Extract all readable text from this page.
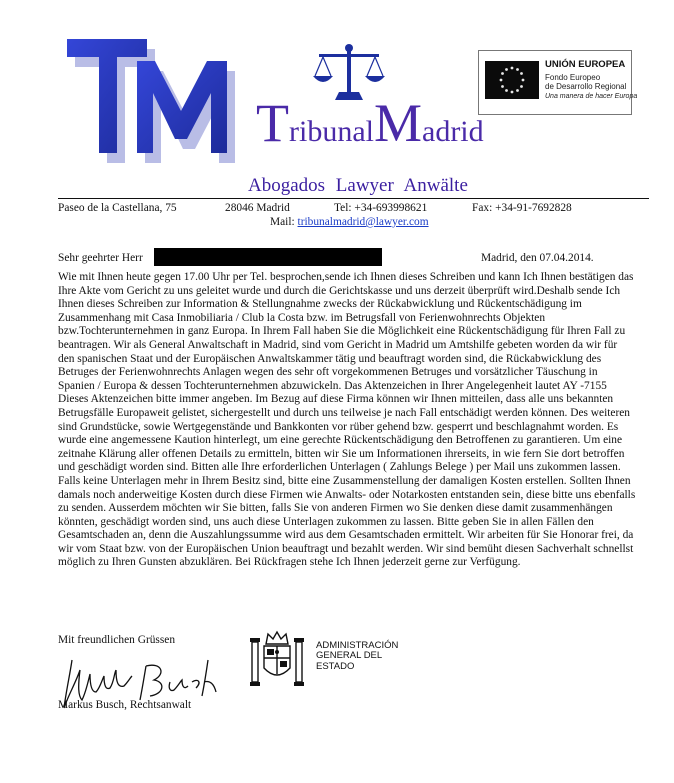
TribunalMadrid
Abogados Lawyer Anwälte
UNIÓN EUROPEA
Fondo Europeo
de Desarrollo Regional
Una manera de hacer Europa
Paseo de la Castellana, 75	28046 Madrid	Tel: +34-693998621	Fax: +34-91-7692828
Mail: tribunalmadrid@lawyer.com
Sehr geehrter Herr	Madrid, den 07.04.2014.
Wie mit Ihnen heute gegen 17.00 Uhr per Tel. besprochen,sende ich Ihnen dieses Schreiben und kann Ich Ihnen bestätigen das Ihre Akte vom Gericht zu uns geleitet wurde und durch die Gerichtskasse und uns derzeit überprüft wird.Deshalb sende Ich Ihnen dieses Schreiben zur Information & Stellungnahme zwecks der Rückabwicklung und Rückentschädigung im Zusammenhang mit Casa Inmobiliaria / Club la Costa bzw. im Betrugsfall von Ferienwohnrechts Objekten bzw.Tochterunternehmen in ganz Europa. In Ihrem Fall haben Sie die Möglichkeit eine Rückentschädigung für Ihren Fall zu beantragen. Wir als General Anwaltschaft in Madrid, sind vom Gericht in Madrid um Amtshilfe gebeten worden da wir für den spanischen Staat und der Europäischen Anwaltskammer tätig und beauftragt worden sind, die Rückabwicklung des Betruges der Ferienwohnrechts Anlagen wegen des sehr oft vorgekommenen Betruges und vorsätzlicher Täuschung in Spanien / Europa & dessen Tochterunternehmen abzuwickeln. Das Aktenzeichen in Ihrer Angelegenheit lautet AY -7155 Dieses Aktenzeichen bitte immer angeben. Im Bezug auf diese Firma können wir Ihnen mitteilen, dass alle uns bekannten Betrugsfälle Europaweit gelistet, sichergestellt und durch uns teilweise je nach Fall entschädigt werden können. Des weiteren sind Grundstücke, sowie Wertgegenstände und Bankkonten vor rüber gehend bzw. gesperrt und beschlagnahmt worden. Es wurde eine angemessene Kaution hinterlegt, um eine gerechte Rückentschädigung den Betroffenen zu garantieren. Um eine zeitnahe Klärung aller offenen Details zu ermitteln, bitten wir Sie um Informationen ihrerseits, in wie fern Sie dort betroffen und geschädigt worden sind. Bitten alle Ihre erforderlichen Unterlagen ( Zahlungs Belege ) per Mail uns zukommen lassen. Falls keine Unterlagen mehr in Ihrem Besitz sind, bitte eine Zusammenstellung der damaligen Kosten erstellen. Sollten Ihnen damals noch anderweitige Kosten durch diese Firmen wie Anwalts- oder Notarkosten entstanden sein, diese bitte uns ebenfalls zu senden. Ausserdem möchten wir Sie bitten, falls Sie von anderen Firmen wo Sie denken diese damit zusammenhängen könnten, geschädigt worden sind, uns auch diese Unterlagen zukommen zu lassen. Bitte geben Sie in allen Fällen den Gesamtschaden an, denn die Auszahlungssumme wird aus dem Gesamtschaden ermittelt. Wir arbeiten für Sie Honorar frei, da wir vom Staat bzw. von der Europäischen Union beauftragt und bezahlt werden. Wir sind bemüht diesen Sachverhalt schnellst möglich zu Ihren Gunsten abzuklären. Bei Rückfragen stehe Ich Ihnen jederzeit gerne zur Verfügung.
Mit freundlichen Grüssen
Markus Busch, Rechtsanwalt
ADMINISTRACIÓN
GENERAL DEL
ESTADO
